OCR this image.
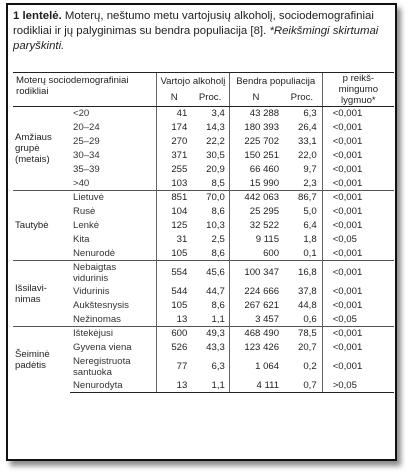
1 lentelė. Moterų, neštumo metu vartojusių alkoholį, sociodemografiniai rodikliai ir jų palyginimas su bendra populiacija [8]. *Reikšmingi skirtumai paryškinti.
Moterų sociodemografiniai rodikliai		Vartojo alkoholį		Bendra populiacija		p reikš-mingumo lygmuo*
		N	Proc.	N	Proc.	
Amžiaus grupė (metais)	<20	41	3,4	43 288	6,3	<0,001
	20–24	174	14,3	180 393	26,4	<0,001
	25–29	270	22,2	225 702	33,1	<0,001
	30–34	371	30,5	150 251	22,0	<0,001
	35–39	255	20,9	66 460	9,7	<0,001
	>40	103	8,5	15 990	2,3	<0,001
Tautybė	Lietuvė	851	70,0	442 063	86,7	<0,001
	Rusė	104	8,6	25 295	5,0	<0,001
	Lenkė	125	10,3	32 522	6,4	<0,001
	Kita	31	2,5	9 115	1,8	<0,05
	Nenurodė	105	8,6	600	0,1	<0,001
Išsilavi-nimas	Nebaigtas vidurinis	554	45,6	100 347	16,8	<0,001
	Vidurinis	544	44,7	224 666	37,8	<0,001
	Aukštesnysis	105	8,6	267 621	44,8	<0,001
	Nežinomas	13	1,1	3 457	0,6	<0,05
Šeiminė padėtis	Ištekėjusi	600	49,3	468 490	78,5	<0,001
	Gyvena viena	526	43,3	123 426	20,7	<0,001
	Neregistruota santuoka	77	6,3	1 064	0,2	<0,001
	Nenurodyta	13	1,1	4 111	0,7	>0,05
